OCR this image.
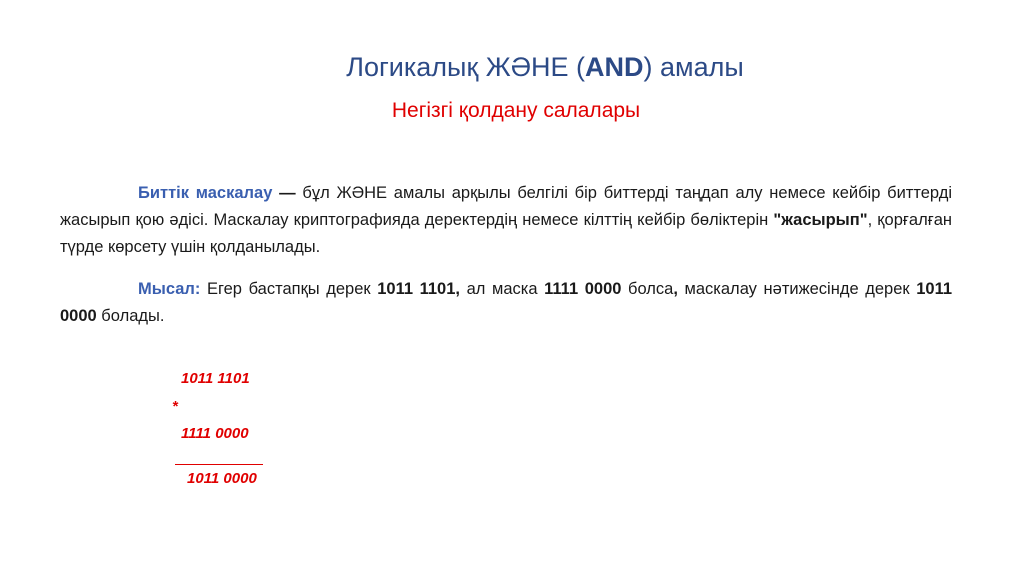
Логикалық ЖӘНЕ (AND) амалы
Негізгі қолдану салалары
Биттік маскалау — бұл ЖӘНЕ амалы арқылы белгілі бір биттерді таңдап алу немесе кейбір биттерді жасырып қою әдісі. Маскалау криптографияда деректердің немесе кілттің кейбір бөліктерін "жасырып", қорғалған түрде көрсету үшін қолданылады.
Мысал: Егер бастапқы дерек 1011 1101, ал маска 1111 0000 болса, маскалау нәтижесінде дерек 1011 0000 болады.
1011 1101
*
1111 0000
1011 0000
